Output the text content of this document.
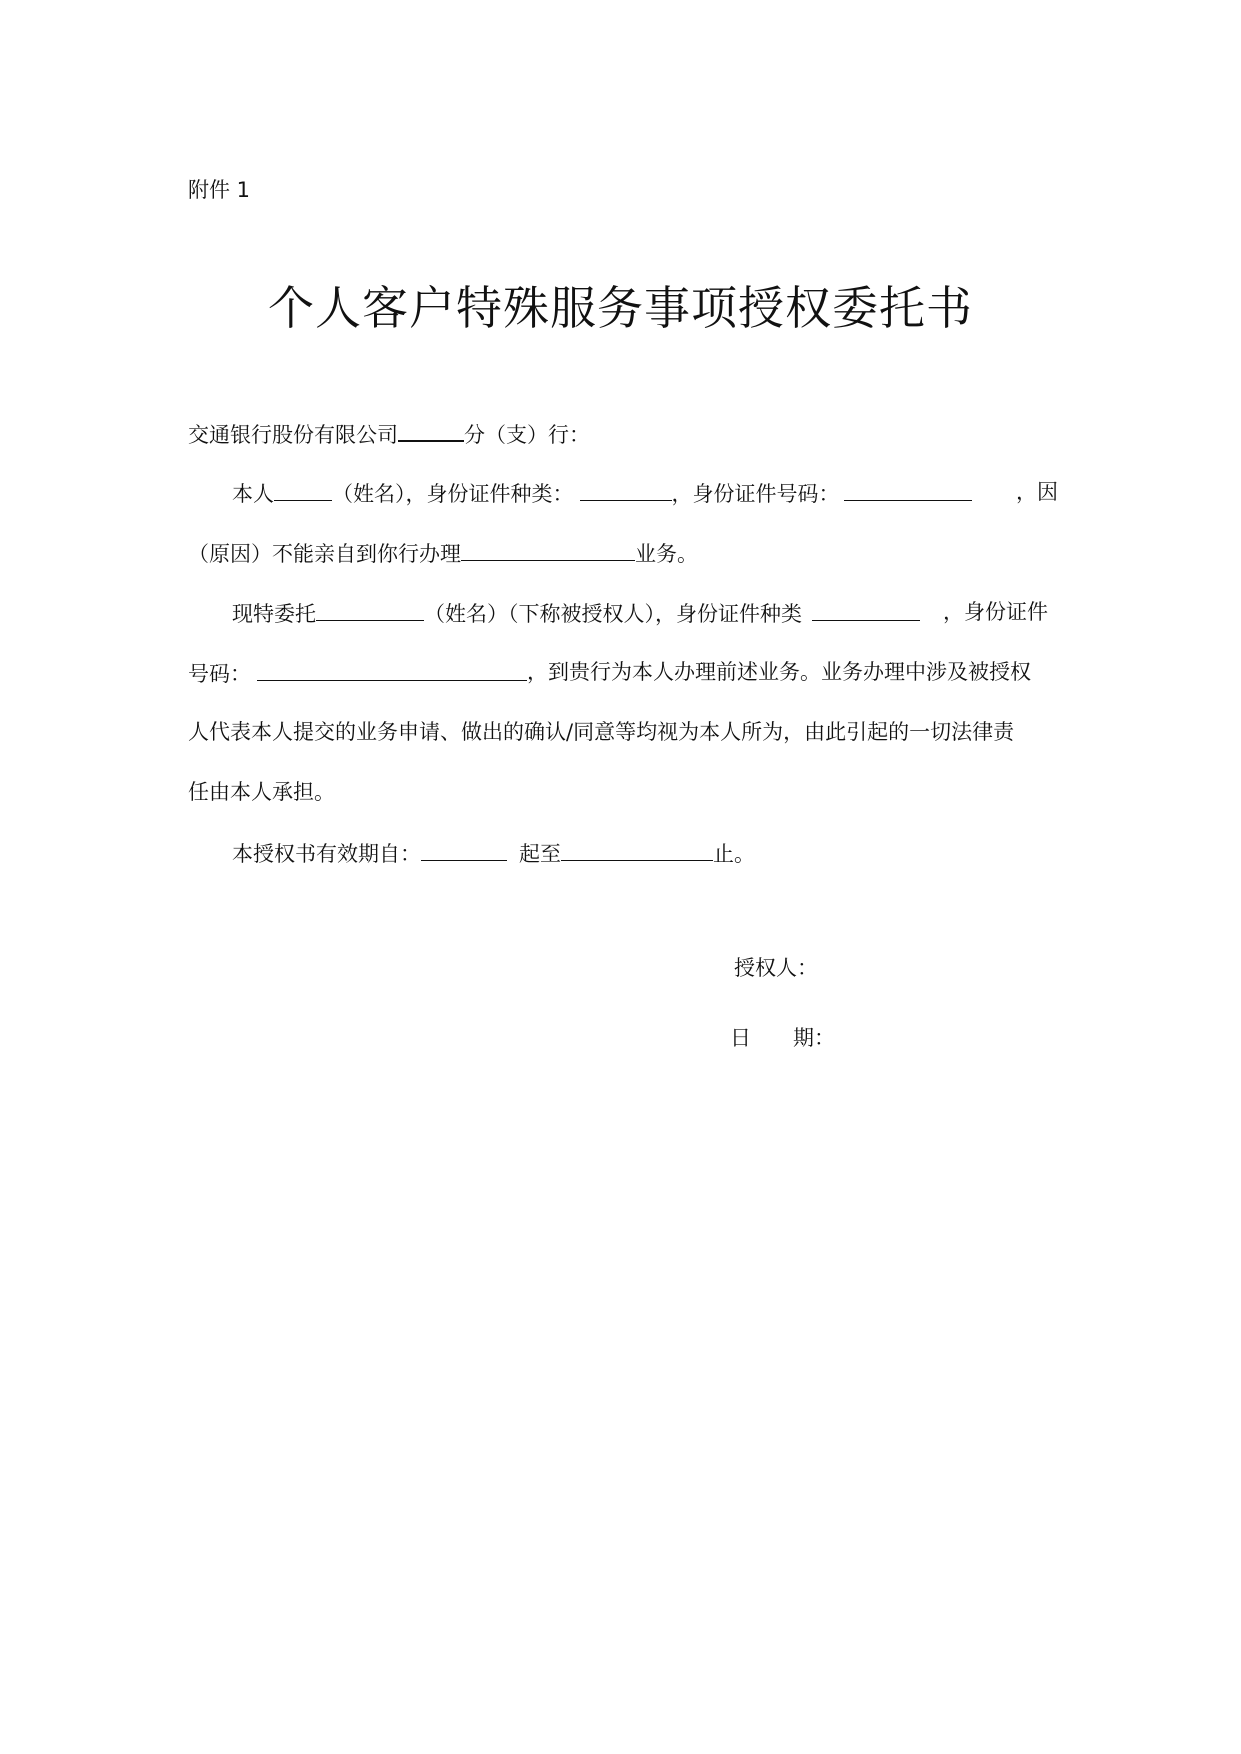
附件 1
个人客户特殊服务事项授权委托书
交通银行股份有限公司	分（支）行：
本人	（姓名），身份证件种类：	，身份证件号码：	，因
（原因）不能亲自到你行办理	业务。
现特委托	（姓名）（下称被授权人），身份证件种类	，身份证件
号码：	，到贵行为本人办理前述业务。业务办理中涉及被授权
人代表本人提交的业务申请、做出的确认/同意等均视为本人所为，由此引起的一切法律责
任由本人承担。
本授权书有效期自：	起至	止。
授权人：
日　　期：
